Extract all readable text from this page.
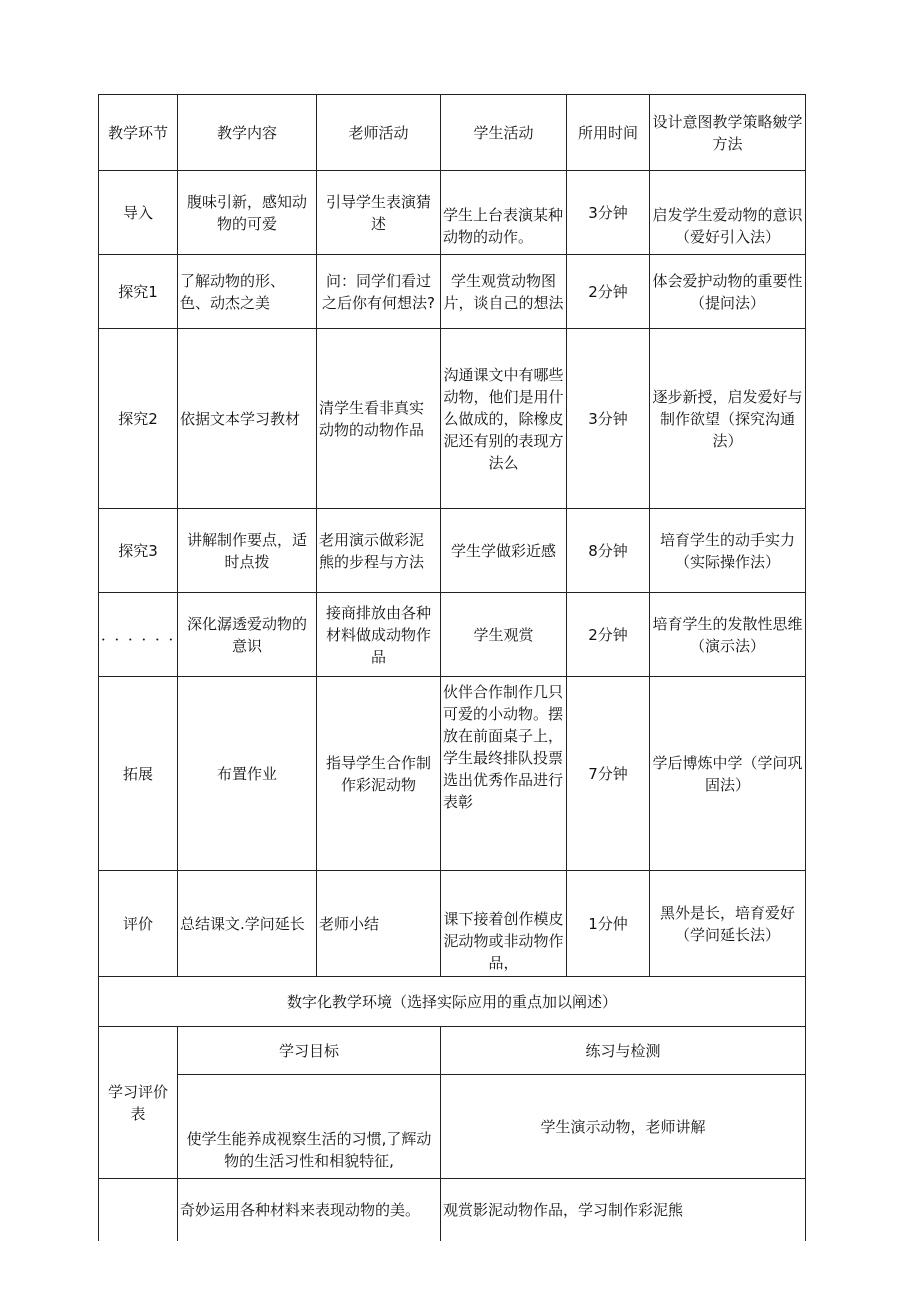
教学环节	教学内容	老师活动	学生活动	所用时间	设计意图教学策略皴学方法
导入	腹味引新，感知动物的可爱	引导学生表演猜述	学生上台表演某种动物的动作。	3分钟	启发学生爱动物的意识（爱好引入法）
探究1	了解动物的形、色、动杰之美	问：同学们看过之后你有何想法?	学生观赏动物图片，谈自己的想法	2分钟	体会爱护动物的重要性（提问法）
探究2	依据文本学习教材	清学生看非真实动物的动物作品	沟通课文中有哪些动物，他们是用什么做成的，除橡皮泥还有别的表现方法么	3分钟	逐步新授，启发爱好与制作欲望（探究沟通法）
探究3	讲解制作要点，适时点拨	老用演示做彩泥熊的步程与方法	学生学做彩近感	8分钟	培育学生的动手实力（实际操作法）
．．．．．．	深化潺透爱动物的意识	接商排放由各种材料做成动物作品	学生观赏	2分钟	培育学生的发散性思维（演示法）
拓展	布置作业	指导学生合作制作彩泥动物	伙伴合作制作几只可爱的小动物。摆放在前面桌子上，学生最终排队投票选出优秀作品进行表彰	7分钟	学后博炼中学（学问巩固法）
评价	总结课文.学问延长	老师小结	课下接着创作模皮泥动物或非动物作品，	1分仲	黑外是长，培育爱好（学问延长法）
数字化教学环境（选择实际应用的重点加以阐述）					
学习评价表	学习目标		练习与检测		
	使学生能养成视察生活的习惯,了辉动物的生活习性和相貌特征,		学生演示动物，老师讲解		
	奇妙运用各种材料来表现动物的美。		观赏影泥动物作品，学习制作彩泥熊		
